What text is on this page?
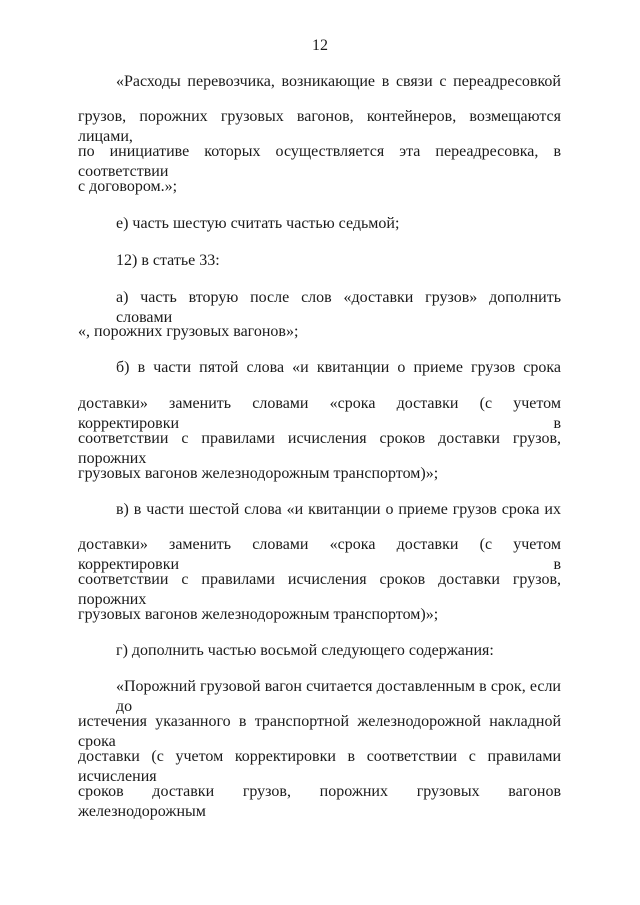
12
«Расходы перевозчика, возникающие в связи с переадресовкой
грузов, порожних грузовых вагонов, контейнеров, возмещаются лицами,
по инициативе которых осуществляется эта переадресовка, в соответствии
с договором.»;
е) часть шестую считать частью седьмой;
12) в статье 33:
а) часть вторую после слов «доставки грузов» дополнить словами
«, порожних грузовых вагонов»;
б) в части пятой слова «и квитанции о приеме грузов срока
доставки» заменить словами «срока доставки (с учетом корректировки в
соответствии с правилами исчисления сроков доставки грузов, порожних
грузовых вагонов железнодорожным транспортом)»;
в) в части шестой слова «и квитанции о приеме грузов срока их
доставки» заменить словами «срока доставки (с учетом корректировки в
соответствии с правилами исчисления сроков доставки грузов, порожних
грузовых вагонов железнодорожным транспортом)»;
г) дополнить частью восьмой следующего содержания:
«Порожний грузовой вагон считается доставленным в срок, если до
истечения указанного в транспортной железнодорожной накладной срока
доставки (с учетом корректировки в соответствии с правилами исчисления
сроков доставки грузов, порожних грузовых вагонов железнодорожным
